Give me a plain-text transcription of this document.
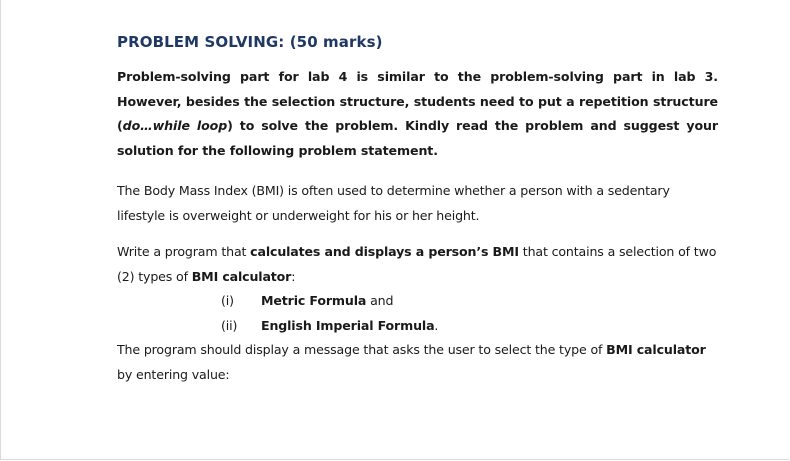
PROBLEM SOLVING: (50 marks)
Problem-solving part for lab 4 is similar to the problem-solving part in lab 3. However, besides the selection structure, students need to put a repetition structure (do…while loop) to solve the problem. Kindly read the problem and suggest your solution for the following problem statement.
The Body Mass Index (BMI) is often used to determine whether a person with a sedentary lifestyle is overweight or underweight for his or her height.
Write a program that calculates and displays a person’s BMI that contains a selection of two (2) types of BMI calculator:
(i) Metric Formula and
(ii) English Imperial Formula.
The program should display a message that asks the user to select the type of BMI calculator by entering value:
